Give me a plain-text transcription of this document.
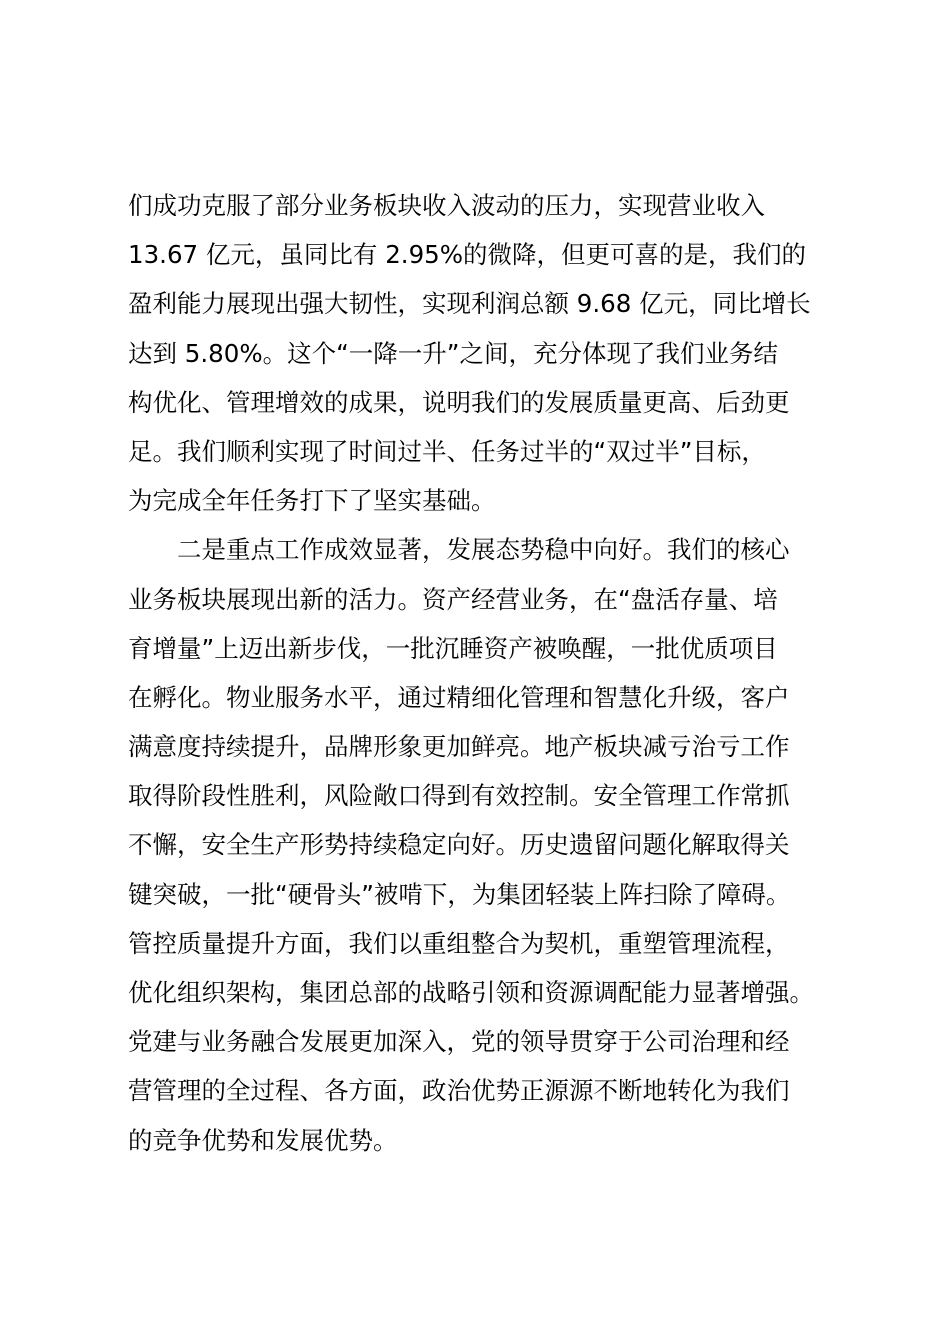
们成功克服了部分业务板块收入波动的压力，实现营业收入
13.67 亿元，虽同比有 2.95%的微降，但更可喜的是，我们的
盈利能力展现出强大韧性，实现利润总额 9.68 亿元，同比增长
达到 5.80%。这个“一降一升”之间，充分体现了我们业务结
构优化、管理增效的成果，说明我们的发展质量更高、后劲更
足。我们顺利实现了时间过半、任务过半的“双过半”目标，
为完成全年任务打下了坚实基础。
二是重点工作成效显著，发展态势稳中向好。我们的核心
业务板块展现出新的活力。资产经营业务，在“盘活存量、培
育增量”上迈出新步伐，一批沉睡资产被唤醒，一批优质项目
在孵化。物业服务水平，通过精细化管理和智慧化升级，客户
满意度持续提升，品牌形象更加鲜亮。地产板块减亏治亏工作
取得阶段性胜利，风险敞口得到有效控制。安全管理工作常抓
不懈，安全生产形势持续稳定向好。历史遗留问题化解取得关
键突破，一批“硬骨头”被啃下，为集团轻装上阵扫除了障碍。
管控质量提升方面，我们以重组整合为契机，重塑管理流程，
优化组织架构，集团总部的战略引领和资源调配能力显著增强。
党建与业务融合发展更加深入，党的领导贯穿于公司治理和经
营管理的全过程、各方面，政治优势正源源不断地转化为我们
的竞争优势和发展优势。
